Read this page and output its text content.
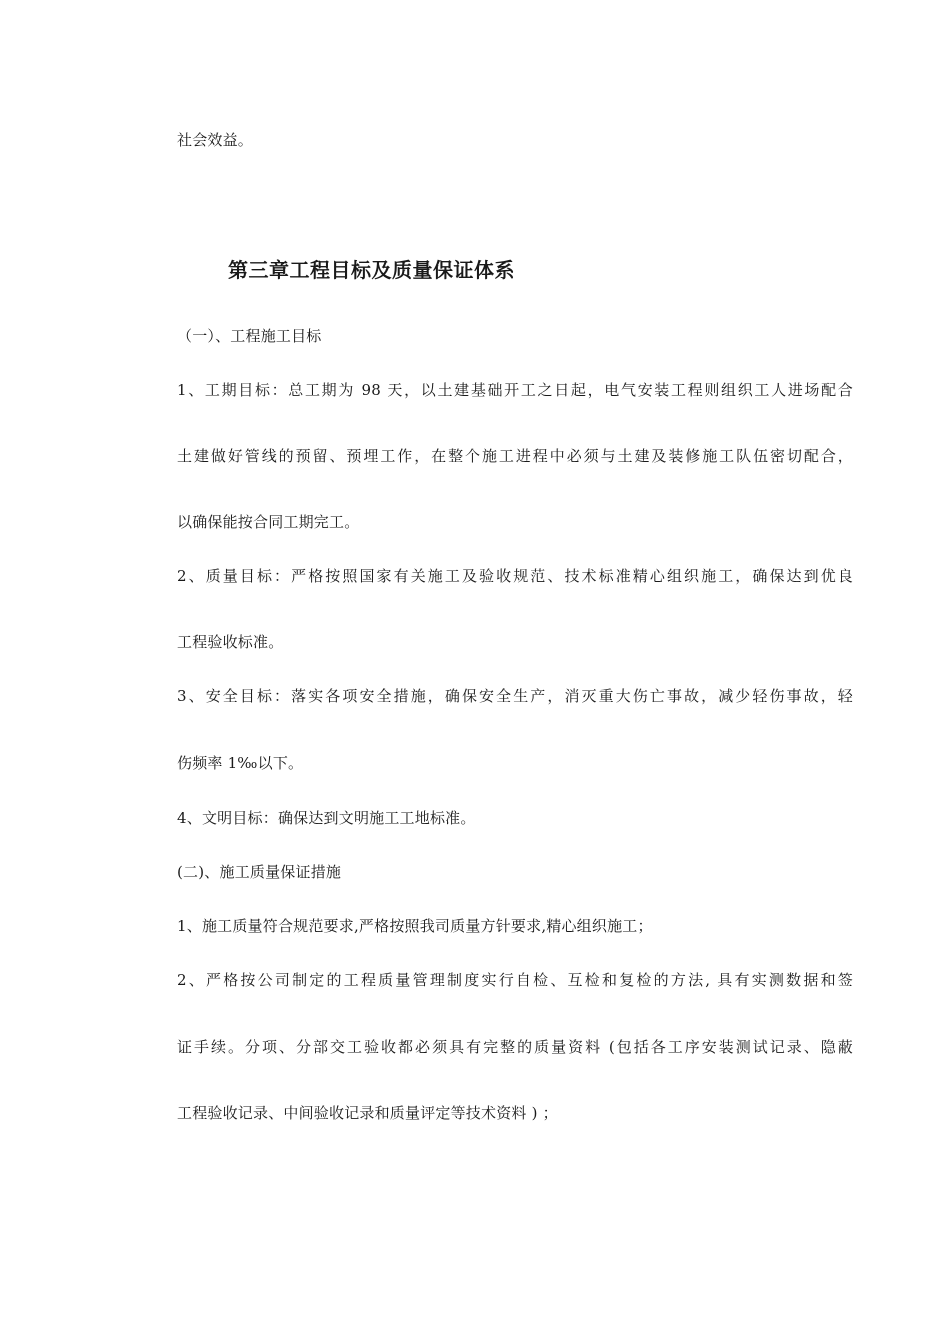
社会效益。
第三章工程目标及质量保证体系
（一）、工程施工目标
1、工期目标：总工期为 98 天，以土建基础开工之日起，电气安装工程则组织工人进场配合
土建做好管线的预留、预埋工作，在整个施工进程中必须与土建及装修施工队伍密切配合，
以确保能按合同工期完工。
2、质量目标：严格按照国家有关施工及验收规范、技术标准精心组织施工，确保达到优良
工程验收标准。
3、安全目标：落实各项安全措施，确保安全生产，消灭重大伤亡事故，减少轻伤事故，轻
伤频率 1‰以下。
4、文明目标：确保达到文明施工工地标准。
(二)、施工质量保证措施
1、施工质量符合规范要求,严格按照我司质量方针要求,精心组织施工；
2、严格按公司制定的工程质量管理制度实行自检、互检和复检的方法, 具有实测数据和签
证手续。分项、分部交工验收都必须具有完整的质量资料 (包括各工序安装测试记录、隐蔽
工程验收记录、中间验收记录和质量评定等技术资料 ) ；
